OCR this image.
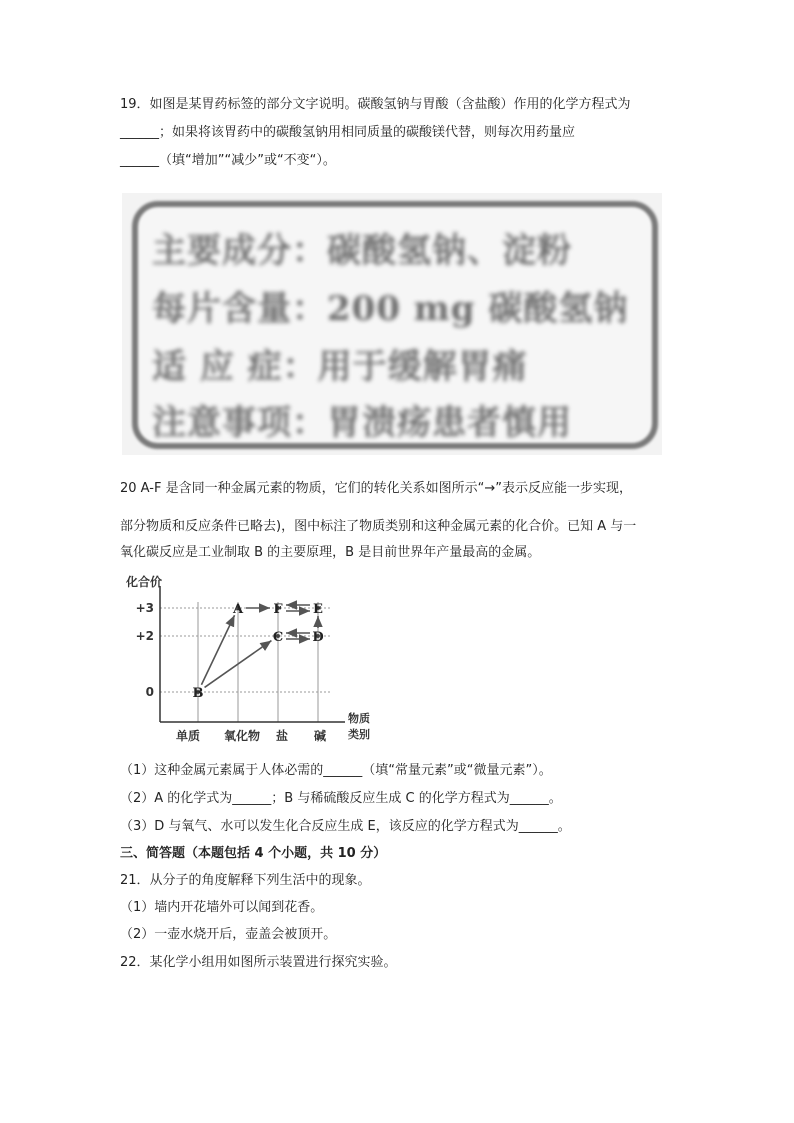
19．如图是某胃药标签的部分文字说明。碳酸氢钠与胃酸（含盐酸）作用的化学方程式为
______；如果将该胃药中的碳酸氢钠用相同质量的碳酸镁代替，则每次用药量应
______（填“增加”“减少”或“不变“）。
主要成分：碳酸氢钠、淀粉
每片含量：200 mg 碳酸氢钠
适 应 症：用于缓解胃痛
注意事项：胃溃疡患者慎用
20 A-F 是含同一种金属元素的物质，它们的转化关系如图所示“→”表示反应能一步实现，
部分物质和反应条件已略去)，图中标注了物质类别和这种金属元素的化合价。已知 A 与一
氧化碳反应是工业制取 B 的主要原理，B 是目前世界年产量最高的金属。
A F E
C D
B
化合价
物质
类别
+3
+2
0
单质 氧化物 盐 碱
（1）这种金属元素属于人体必需的______（填“常量元素”或“微量元素”）。
（2）A 的化学式为______；B 与稀硫酸反应生成 C 的化学方程式为______。
（3）D 与氧气、水可以发生化合反应生成 E，该反应的化学方程式为______。
三、简答题（本题包括 4 个小题，共 10 分）
21．从分子的角度解释下列生活中的现象。
（1）墙内开花墙外可以闻到花香。
（2）一壶水烧开后，壶盖会被顶开。
22．某化学小组用如图所示装置进行探究实验。
